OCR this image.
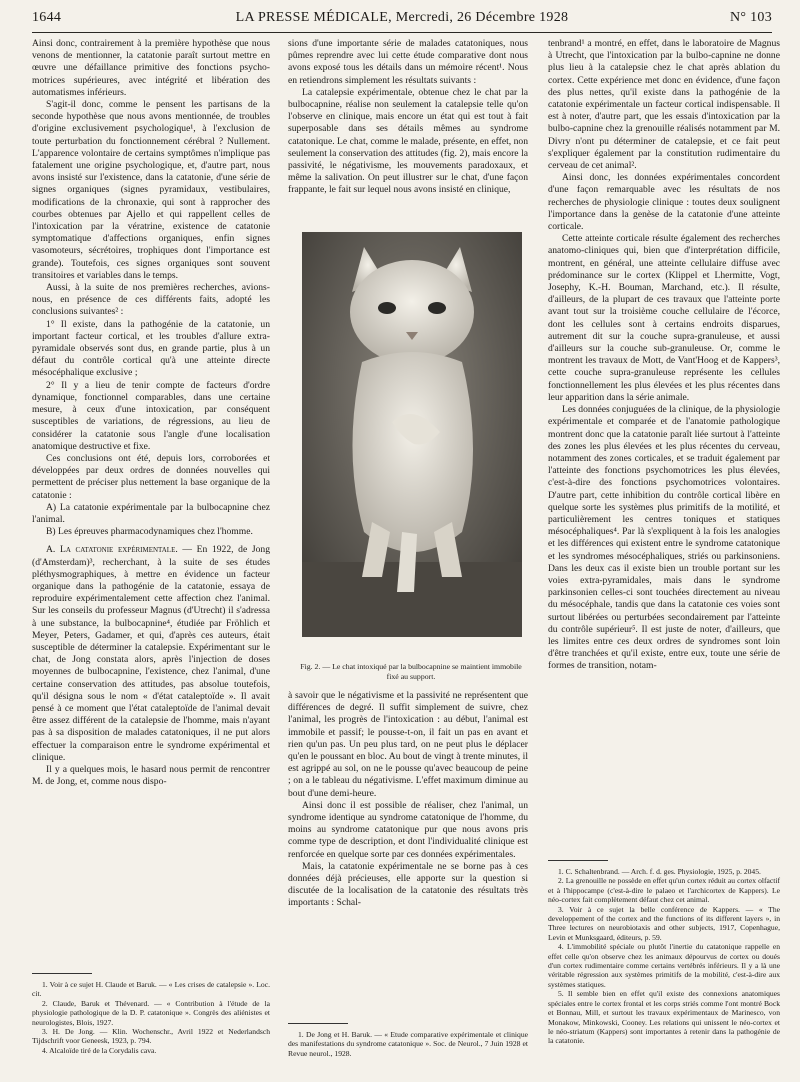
1644	LA PRESSE MÉDICALE, Mercredi, 26 Décembre 1928	N° 103

Ainsi donc, contrairement à la première hypothèse que nous venons de mentionner, la catatonie paraît surtout mettre en œuvre une défaillance primitive des fonctions psycho-motrices supérieures, avec intégrité et libération des automatismes inférieurs.

S'agit-il donc, comme le pensent les partisans de la seconde hypothèse que nous avons mentionnée, de troubles d'origine exclusivement psychologique¹, à l'exclusion de toute perturbation du fonctionnement cérébral ? Nullement. L'apparence volontaire de certains symptômes n'implique pas fatalement une origine psychologique, et, d'autre part, nous avons insisté sur l'existence, dans la catatonie, d'une série de signes organiques (signes pyramidaux, vestibulaires, modifications de la chronaxie, qui sont à rapprocher des courbes obtenues par Ajello et qui rappellent celles de l'intoxication par la vératrine, existence de catatonie symptomatique d'affections organiques, enfin signes vasomoteurs, sécrétoires, trophiques dont l'importance est grande). Toutefois, ces signes organiques sont souvent transitoires et variables dans le temps.

Aussi, à la suite de nos premières recherches, avions-nous, en présence de ces différents faits, adopté les conclusions suivantes² :

1° Il existe, dans la pathogénie de la catatonie, un important facteur cortical, et les troubles d'allure extra-pyramidale observés sont dus, en grande partie, plus à un défaut du contrôle cortical qu'à une atteinte directe mésocéphalique exclusive ;

2° Il y a lieu de tenir compte de facteurs d'ordre dynamique, fonctionnel comparables, dans une certaine mesure, à ceux d'une intoxication, par conséquent susceptibles de variations, de régressions, au lieu de considérer la catatonie sous l'angle d'une localisation anatomique destructive et fixe.

Ces conclusions ont été, depuis lors, corroborées et développées par deux ordres de données nouvelles qui permettent de préciser plus nettement la base organique de la catatonie :

A) La catatonie expérimentale par la bulbocapnine chez l'animal.

B) Les épreuves pharmacodynamiques chez l'homme.

A. La catatonie expérimentale. — En 1922, de Jong (d'Amsterdam)³, recherchant, à la suite de ses études pléthysmographiques, à mettre en évidence un facteur organique dans la pathogénie de la catatonie, essaya de reproduire expérimentalement cette affection chez l'animal. Sur les conseils du professeur Magnus (d'Utrecht) il s'adressa à une substance, la bulbocapnine⁴, étudiée par Fröhlich et Meyer, Peters, Gadamer, et qui, d'après ces auteurs, était susceptible de déterminer la catalepsie. Expérimentant sur le chat, de Jong constata alors, après l'injection de doses moyennes de bulbocapnine, l'existence, chez l'animal, d'une certaine conservation des attitudes, pas absolue toutefois, qu'il désigna sous le nom « d'état cataleptoïde ». Il avait pensé à ce moment que l'état cataleptoïde de l'animal devait être assez différent de la catalepsie de l'homme, mais n'ayant pas à sa disposition de malades catatoniques, il ne put alors effectuer la comparaison entre le syndrome expérimental et clinique.

Il y a quelques mois, le hasard nous permit de rencontrer M. de Jong, et, comme nous dispo-

1. Voir à ce sujet H. Claude et Baruk. — « Les crises de catalepsie ». Loc. cit.

2. Claude, Baruk et Thévenard. — « Contribution à l'étude de la physiologie pathologique de la D. P. catatonique ». Congrès des aliénistes et neurologistes, Blois, 1927.

3. H. De Jong. — Klin. Wochenschr., Avril 1922 et Nederlandsch Tijdschrift voor Geneesk, 1923, p. 794.

4. Alcaloïde tiré de la Corydalis cava.

sions d'une importante série de malades catatoniques, nous pûmes reprendre avec lui cette étude comparative dont nous avons exposé tous les détails dans un mémoire récent¹. Nous en retiendrons simplement les résultats suivants :

La catalepsie expérimentale, obtenue chez le chat par la bulbocapnine, réalise non seulement la catalepsie telle qu'on l'observe en clinique, mais encore un état qui est tout à fait superposable dans ses détails mêmes au syndrome catatonique. Le chat, comme le malade, présente, en effet, non seulement la conservation des attitudes (fig. 2), mais encore la passivité, le négativisme, les mouvements paradoxaux, et même la salivation. On peut illustrer sur le chat, d'une façon frappante, le fait sur lequel nous avons insisté en clinique,

Fig. 2. — Le chat intoxiqué par la bulbocapnine se maintient immobile fixé au support.

à savoir que le négativisme et la passivité ne représentent que différences de degré. Il suffit simplement de suivre, chez l'animal, les progrès de l'intoxication : au début, l'animal est immobile et passif; le pousse-t-on, il fait un pas en avant et rien qu'un pas. Un peu plus tard, on ne peut plus le déplacer qu'en le poussant en bloc. Au bout de vingt à trente minutes, il est agrippé au sol, on ne le pousse qu'avec beaucoup de peine ; on a le tableau du négativisme. L'effet maximum diminue au bout d'une demi-heure.

Ainsi donc il est possible de réaliser, chez l'animal, un syndrome identique au syndrome catatonique de l'homme, du moins au syndrome catatonique pur que nous avons pris comme type de description, et dont l'individualité clinique est renforcée en quelque sorte par ces données expérimentales.

Mais, la catatonie expérimentale ne se borne pas à ces données déjà précieuses, elle apporte sur la question si discutée de la localisation de la catatonie des résultats très importants : Schal-

1. De Jong et H. Baruk. — « Etude comparative expérimentale et clinique des manifestations du syndrome catatonique ». Soc. de Neurol., 7 Juin 1928 et Revue neurol., 1928.

tenbrand¹ a montré, en effet, dans le laboratoire de Magnus à Utrecht, que l'intoxication par la bulbo-capnine ne donne plus lieu à la catalepsie chez le chat après ablation du cortex. Cette expérience met donc en évidence, d'une façon des plus nettes, qu'il existe dans la pathogénie de la catatonie expérimentale un facteur cortical indispensable. Il est à noter, d'autre part, que les essais d'intoxication par la bulbo-capnine chez la grenouille réalisés notamment par M. Divry n'ont pu déterminer de catalepsie, et ce fait peut s'expliquer également par la constitution rudimentaire du cerveau de cet animal².

Ainsi donc, les données expérimentales concordent d'une façon remarquable avec les résultats de nos recherches de physiologie clinique : toutes deux soulignent l'importance dans la genèse de la catatonie d'une atteinte corticale.

Cette atteinte corticale résulte également des recherches anatomo-cliniques qui, bien que d'interprétation difficile, montrent, en général, une atteinte cellulaire diffuse avec prédominance sur le cortex (Klippel et Lhermitte, Vogt, Josephy, K.-H. Bouman, Marchand, etc.). Il résulte, d'ailleurs, de la plupart de ces travaux que l'atteinte porte avant tout sur la troisième couche cellulaire de l'écorce, dont les cellules sont à certains endroits disparues, autrement dit sur la couche supra-granuleuse, et aussi d'ailleurs sur la couche sub-granuleuse. Or, comme le montrent les travaux de Mott, de Vant'Hoog et de Kappers³, cette couche supra-granuleuse représente les cellules fonctionnellement les plus élevées et les plus récentes dans leur apparition dans la série animale.

Les données conjuguées de la clinique, de la physiologie expérimentale et comparée et de l'anatomie pathologique montrent donc que la catatonie paraît liée surtout à l'atteinte des zones les plus élevées et les plus récentes du cerveau, notamment des zones corticales, et se traduit également par l'atteinte des fonctions psychomotrices les plus élevées, c'est-à-dire des fonctions psychomotrices volontaires. D'autre part, cette inhibition du contrôle cortical libère en quelque sorte les systèmes plus primitifs de la motilité, et particulièrement les centres toniques et statiques mésocéphaliques⁴. Par là s'expliquent à la fois les analogies et les différences qui existent entre le syndrome catatonique et les syndromes mésocéphaliques, striés ou parkinsoniens. Dans les deux cas il existe bien un trouble portant sur les voies extra-pyramidales, mais dans le syndrome parkinsonien celles-ci sont touchées directement au niveau du mésocéphale, tandis que dans la catatonie ces voies sont surtout libérées ou perturbées secondairement par l'atteinte du contrôle supérieur⁵. Il est juste de noter, d'ailleurs, que les limites entre ces deux ordres de syndromes sont loin d'être tranchées et qu'il existe, entre eux, toute une série de formes de transition, notam-

1. C. Schaltenbrand. — Arch. f. d. ges. Physiologie, 1925, p. 2045.

2. La grenouille ne possède en effet qu'un cortex réduit au cortex olfactif et à l'hippocampe (c'est-à-dire le palaeo et l'archicortex de Kappers). Le néo-cortex fait complètement défaut chez cet animal.

3. Voir à ce sujet la belle conférence de Kappers. — « The developpement of the cortex and the functions of its different layers », in Three lectures on neurobiotaxis and other subjects, 1917, Copenhague, Levin et Munksgaard, éditeurs, p. 59.

4. L'immobilité spéciale ou plutôt l'inertie du catatonique rappelle en effet celle qu'on observe chez les animaux dépourvus de cortex ou doués d'un cortex rudimentaire comme certains vertébrés inférieurs. Il y a là une véritable régression aux systèmes primitifs de la mobilité, c'est-à-dire aux systèmes statiques.

5. Il semble bien en effet qu'il existe des connexions anatomiques spéciales entre le cortex frontal et les corps striés comme l'ont montré Bock et Bonnau, Mill, et surtout les travaux expérimentaux de Marinesco, von Monakow, Minkowski, Cooney. Les relations qui unissent le néo-cortex et le néo-striatum (Kappers) sont importantes à retenir dans la pathogénie de la catatonie.
